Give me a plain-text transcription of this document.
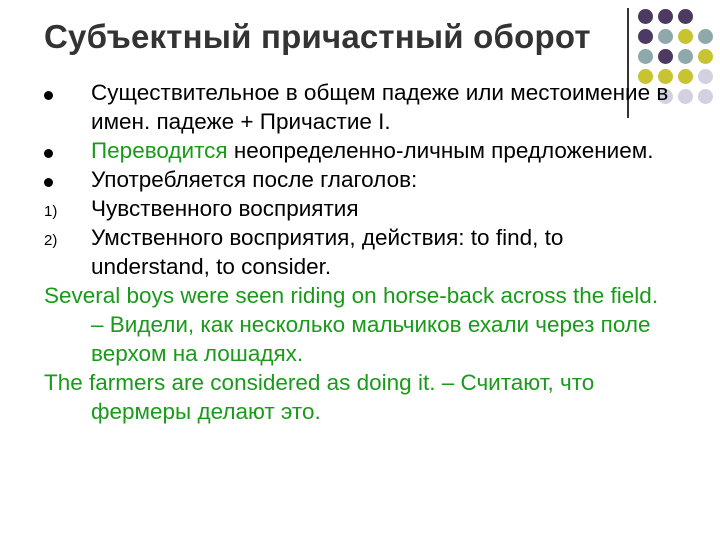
Субъектный причастный оборот
Существительное в общем падеже или местоимение в имен. падеже + Причастие I.
Переводится неопределенно-личным предложением.
Употребляется после глаголов:
1) Чувственного восприятия
2) Умственного восприятия, действия: to find, to understand, to consider.
Several boys were seen riding on horse-back across the field. – Видели, как несколько мальчиков ехали через поле верхом на лошадях.
The farmers are considered as doing it. – Считают, что фермеры делают это.
